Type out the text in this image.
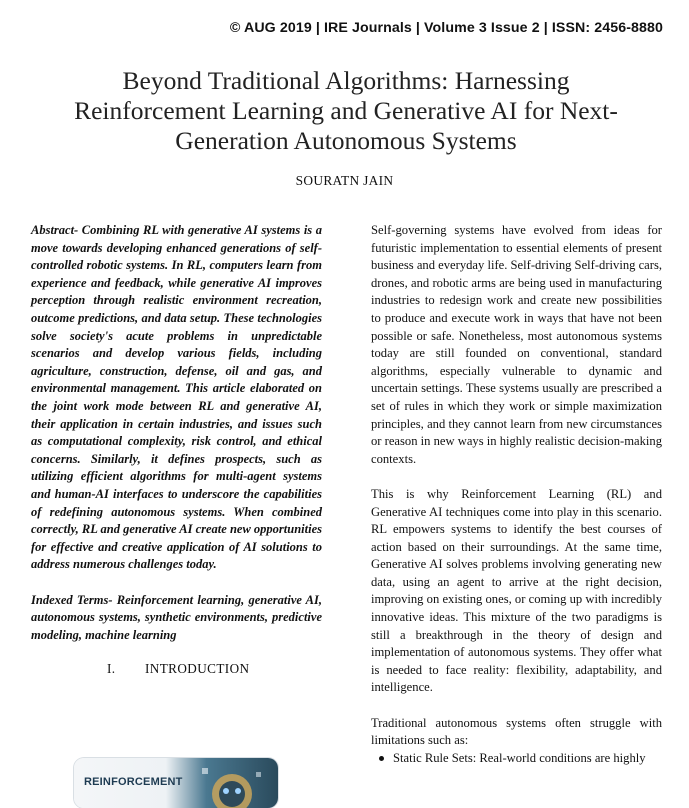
© AUG 2019 | IRE Journals | Volume 3 Issue 2 | ISSN: 2456-8880
Beyond Traditional Algorithms: Harnessing
Reinforcement Learning and Generative AI for Next-
Generation Autonomous Systems
SOURATN JAIN

Abstract- Combining RL with generative AI systems is a move towards developing enhanced generations of self-controlled robotic systems. In RL, computers learn from experience and feedback, while generative AI improves perception through realistic environment recreation, outcome predictions, and data setup. These technologies solve society's acute problems in unpredictable scenarios and develop various fields, including agriculture, construction, defense, oil and gas, and environmental management. This article elaborated on the joint work mode between RL and generative AI, their application in certain industries, and issues such as computational complexity, risk control, and ethical concerns. Similarly, it defines prospects, such as utilizing efficient algorithms for multi-agent systems and human-AI interfaces to underscore the capabilities of redefining autonomous systems. When combined correctly, RL and generative AI create new opportunities for effective and creative application of AI solutions to address numerous challenges today.

Indexed Terms- Reinforcement learning, generative AI, autonomous systems, synthetic environments, predictive modeling, machine learning

I. INTRODUCTION
REINFORCEMENT

Self-governing systems have evolved from ideas for futuristic implementation to essential elements of present business and everyday life. Self-driving Self-driving cars, drones, and robotic arms are being used in manufacturing industries to redesign work and create new possibilities to produce and execute work in ways that have not been possible or safe. Nonetheless, most autonomous systems today are still founded on conventional, standard algorithms, especially vulnerable to dynamic and uncertain settings. These systems usually are prescribed a set of rules in which they work or simple maximization principles, and they cannot learn from new circumstances or reason in new ways in highly realistic decision-making contexts.

This is why Reinforcement Learning (RL) and Generative AI techniques come into play in this scenario. RL empowers systems to identify the best courses of action based on their surroundings. At the same time, Generative AI solves problems involving generating new data, using an agent to arrive at the right decision, improving on existing ones, or coming up with incredibly innovative ideas. This mixture of the two paradigms is still a breakthrough in the theory of design and implementation of autonomous systems. They offer what is needed to face reality: flexibility, adaptability, and intelligence.

Traditional autonomous systems often struggle with limitations such as:

Static Rule Sets: Real-world conditions are highly
